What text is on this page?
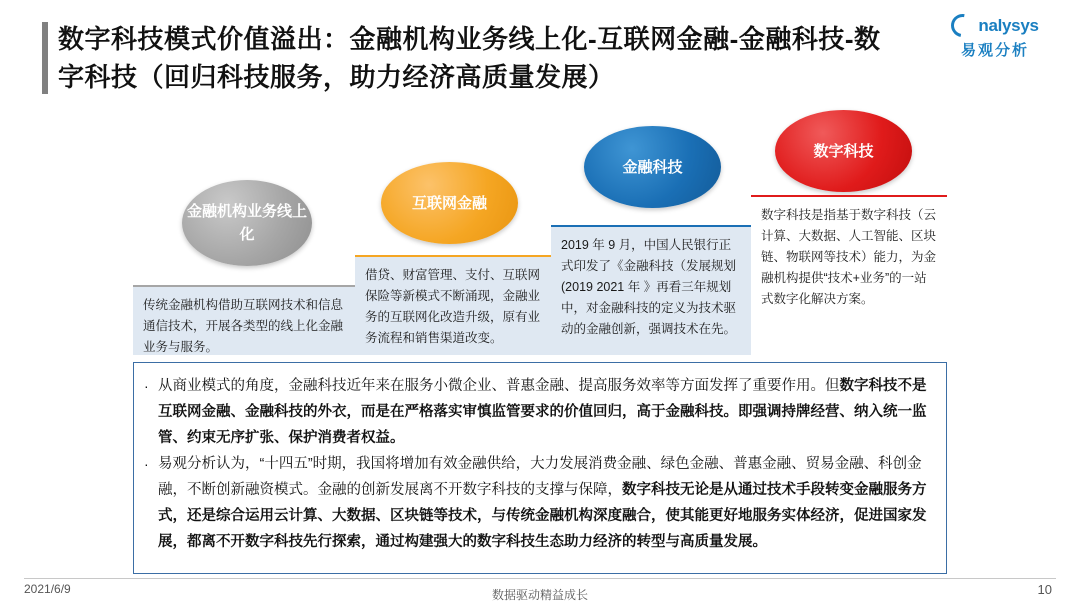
数字科技模式价值溢出：金融机构业务线上化-互联网金融-金融科技-数字科技（回归科技服务，助力经济高质量发展）
nalysys
易观分析
金融机构业务线上化
互联网金融
金融科技
数字科技
传统金融机构借助互联网技术和信息通信技术，开展各类型的线上化金融业务与服务。
借贷、财富管理、支付、互联网保险等新模式不断涌现，金融业务的互联网化改造升级，原有业务流程和销售渠道改变。
2019 年 9 月，中国人民银行正式印发了《金融科技（发展规划 (2019 2021 年 》再看三年规划中，对金融科技的定义为技术驱动的金融创新，强调技术在先。
数字科技是指基于数字科技（云计算、大数据、人工智能、区块链、物联网等技术）能力，为金融机构提供“技术+业务”的一站式数字化解决方案。
· 从商业模式的角度，金融科技近年来在服务小微企业、普惠金融、提高服务效率等方面发挥了重要作用。但数字科技不是互联网金融、金融科技的外衣，而是在严格落实审慎监管要求的价值回归，高于金融科技。即强调持牌经营、纳入统一监管、约束无序扩张、保护消费者权益。
· 易观分析认为，“十四五”时期，我国将增加有效金融供给，大力发展消费金融、绿色金融、普惠金融、贸易金融、科创金融，不断创新融资模式。金融的创新发展离不开数字科技的支撑与保障，数字科技无论是从通过技术手段转变金融服务方式，还是综合运用云计算、大数据、区块链等技术，与传统金融机构深度融合，使其能更好地服务实体经济，促进国家发展，都离不开数字科技先行探索，通过构建强大的数字科技生态助力经济的转型与高质量发展。
2021/6/9	数据驱动精益成长	10
